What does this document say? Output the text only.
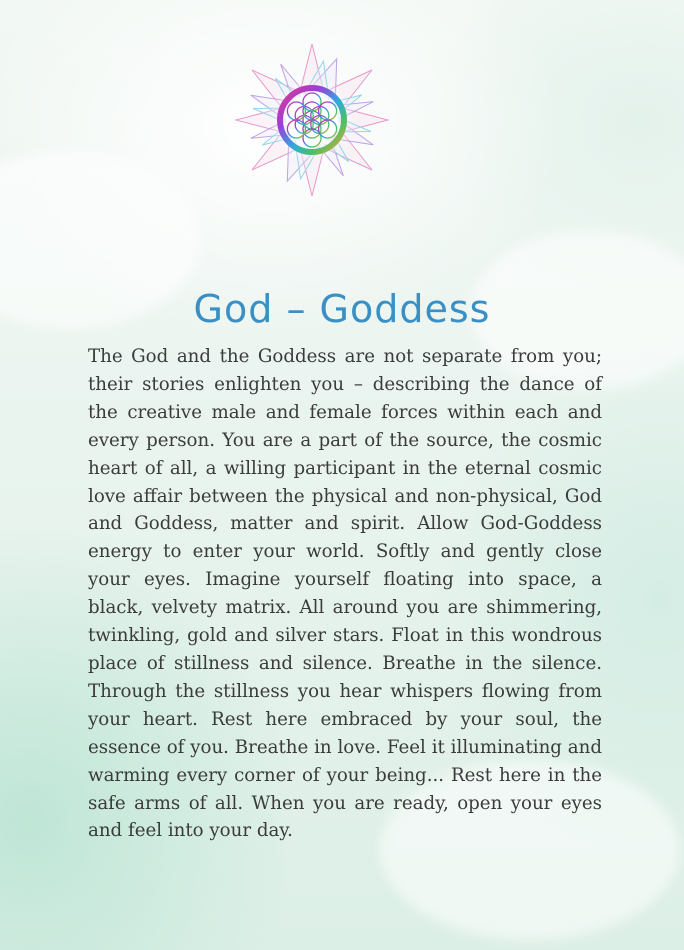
God – Goddess

The God and the Goddess are not separate from you; their stories enlighten you – describing the dance of the creative male and female forces within each and every person. You are a part of the source, the cosmic heart of all, a willing participant in the eternal cosmic love affair between the physical and non-physical, God and Goddess, matter and spirit. Allow God-Goddess energy to enter your world. Softly and gently close your eyes. Imagine yourself floating into space, a black, velvety matrix. All around you are shimmering, twinkling, gold and silver stars. Float in this wondrous place of stillness and silence. Breathe in the silence. Through the stillness you hear whispers flowing from your heart. Rest here embraced by your soul, the essence of you. Breathe in love. Feel it illuminating and warming every corner of your being... Rest here in the safe arms of all. When you are ready, open your eyes and feel into your day.
